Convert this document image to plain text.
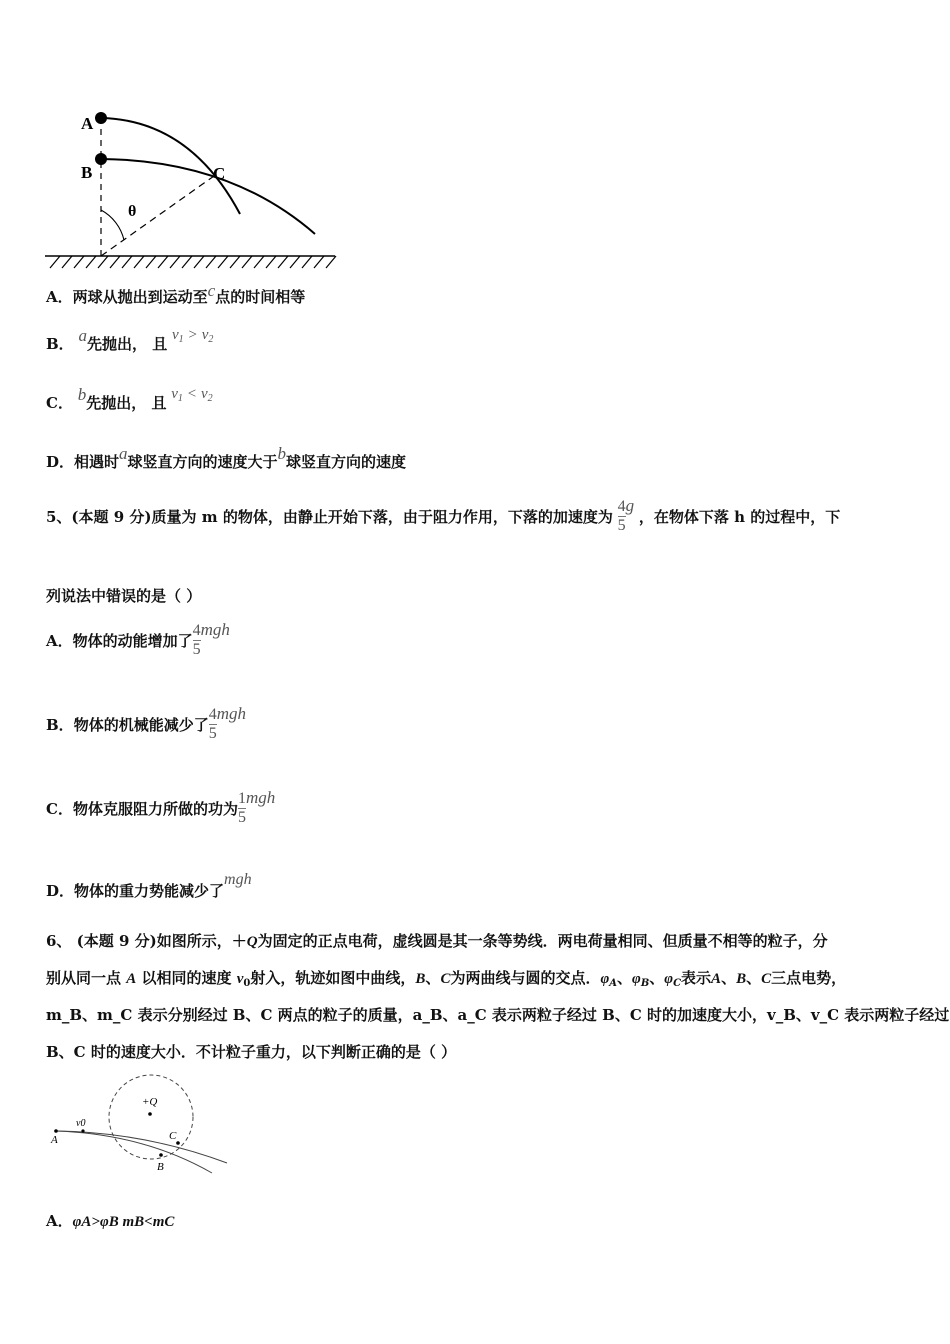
A
B	C
θ
A．两球从抛出到运动至c点的时间相等
B． a先抛出， 且 $v_1 > v_2$
C． b先抛出， 且 $v_1 < v_2$
D．相遇时a球竖直方向的速度大于b球竖直方向的速度
5、(本题 9 分)质量为 m 的物体，由静止开始下落，由于阻力作用，下落的加速度为 $\frac{4}{5}$ g ，在物体下落 h 的过程中，下
列说法中错误的是（ ）
A．物体的动能增加了 $\frac{4}{5}$ mgh
B．物体的机械能减少了 $\frac{4}{5}$ mgh
C．物体克服阻力所做的功为 $\frac{1}{5}$ mgh
D．物体的重力势能减少了mgh
6、 (本题 9 分)如图所示，＋Q为固定的正点电荷，虚线圆是其一条等势线．两电荷量相同、但质量不相等的粒子，分
别从同一点 A 以相同的速度 $v_0$射入，轨迹如图中曲线，B、C为两曲线与圆的交点．$\varphi_A$、$\varphi_B$、$\varphi_C$表示A、B、C三点电势，
m_B、m_C 表示分别经过 B、C 两点的粒子的质量，a_B、a_C 表示两粒子经过 B、C 时的加速度大小，v_B、v_C 表示两粒子经过
B、C 时的速度大小．不计粒子重力，以下判断正确的是（ ）
+Q
v0
A
B
C
A．φA>φB mB<mC
